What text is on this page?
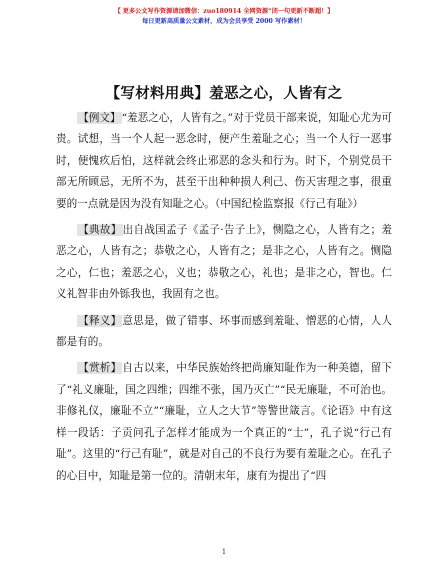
【 更多公文写作资源请加微信：zuo180914 全网资源“闭一句更新不断超！】
每日更新高质量公文素材，成为会员享受 2000 写作素材！
【写材料用典】羞恶之心，人皆有之

【例文】“羞恶之心，人皆有之。”对于党员干部来说，知耻心尤为可贵。试想，当一个人起一恶念时，便产生羞耻之心；当一个人行一恶事时，便愧疚后怕，这样就会终止邪恶的念头和行为。时下，个别党员干部无所顾忌，无所不为，甚至干出种种损人利己、伤天害理之事，很重要的一点就是因为没有知耻之心。（中国纪检监察报《行己有耻》）

【典故】出自战国孟子《孟子·告子上》，恻隐之心，人皆有之；羞恶之心，人皆有之；恭敬之心，人皆有之；是非之心，人皆有之。恻隐之心，仁也；羞恶之心，义也；恭敬之心，礼也；是非之心，智也。仁义礼智非由外铄我也，我固有之也。

【释义】意思是，做了错事、坏事而感到羞耻、憎恶的心情，人人都是有的。

【赏析】自古以来，中华民族始终把尚廉知耻作为一种美德，留下了“礼义廉耻，国之四维；四维不张，国乃灭亡”“民无廉耻，不可治也。非修礼仪，廉耻不立”“廉耻，立人之大节”等警世箴言。《论语》中有这样一段话：子贡问孔子怎样才能成为一个真正的“士”，孔子说“行己有耻”。这里的“行己有耻”，就是对自己的不良行为要有羞耻之心。在孔子的心目中，知耻是第一位的。清朝末年，康有为提出了“四

1
